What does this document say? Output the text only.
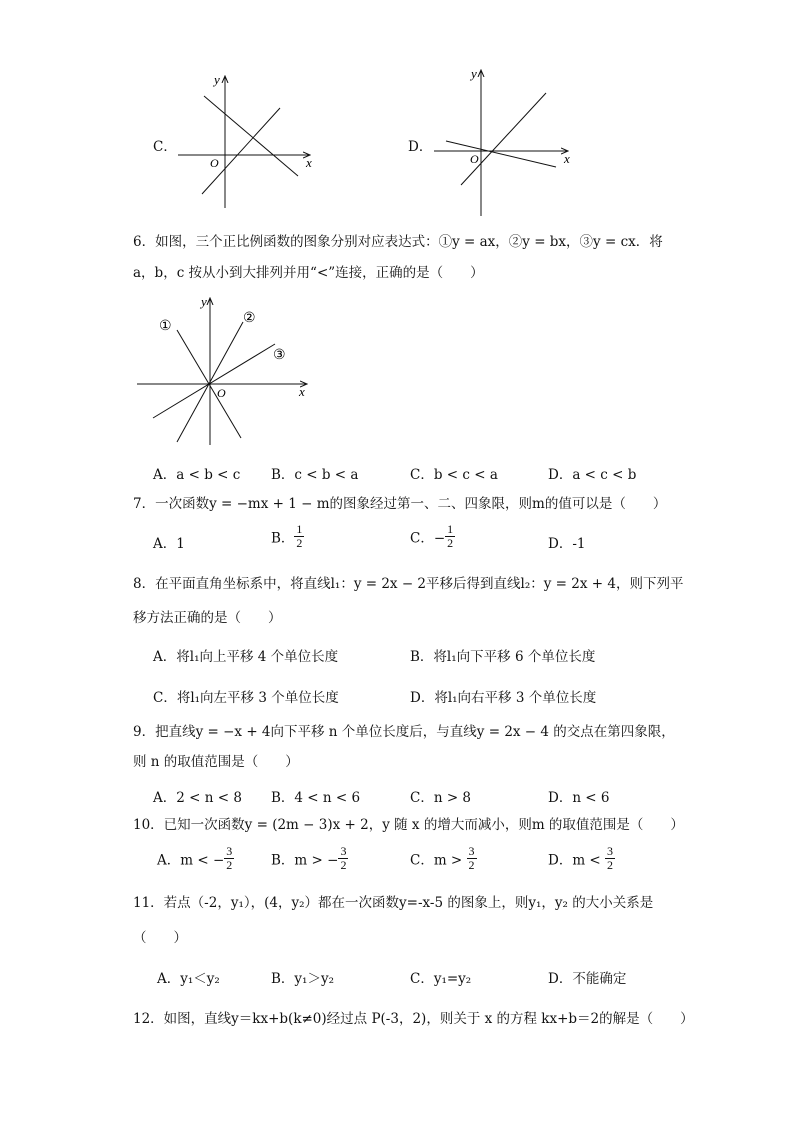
C．
y
x
O
D．
y
x
O
6．如图，三个正比例函数的图象分别对应表达式：①y = ax，②y = bx，③y = cx．将
a，b，c 按从小到大排列并用“<”连接，正确的是（　　）
y
x
O
①
②
③
A．a < b < c B．c < b < a	C．b < c < a	D．a < c < b
7．一次函数y = −mx + 1 − m的图象经过第一、二、四象限，则m的值可以是（　　）
A．1	B． $\frac{1}{2}$	C．− $\frac{1}{2}$	D．-1
8．在平面直角坐标系中，将直线l₁：y = 2x − 2平移后得到直线l₂：y = 2x + 4，则下列平
移方法正确的是（　　）
A．将l₁向上平移 4 个单位长度	B．将l₁向下平移 6 个单位长度
C．将l₁向左平移 3 个单位长度	D．将l₁向右平移 3 个单位长度
9．把直线y = −x + 4向下平移 n 个单位长度后，与直线y = 2x − 4 的交点在第四象限，
则 n 的取值范围是（　　）
A．2 < n < 8 B．4 < n < 6	C．n > 8	D．n < 6
10．已知一次函数y = (2m − 3)x + 2，y 随 x 的增大而减小，则m 的取值范围是（　　）
A．m < − $\frac{3}{2}$	B．m > − $\frac{3}{2}$	C．$m > \frac{3}{2}$	D．$m < \frac{3}{2}$
11．若点（-2，y₁），(4，y₂）都在一次函数y=-x-5 的图象上，则y₁，y₂ 的大小关系是
（　　）
A．y₁＜y₂	B．y₁＞y₂	C．y₁=y₂	D．不能确定
12．如图，直线y＝kx+b(k≠0)经过点 P(-3，2)，则关于 x 的方程 kx+b＝2的解是（　　）
